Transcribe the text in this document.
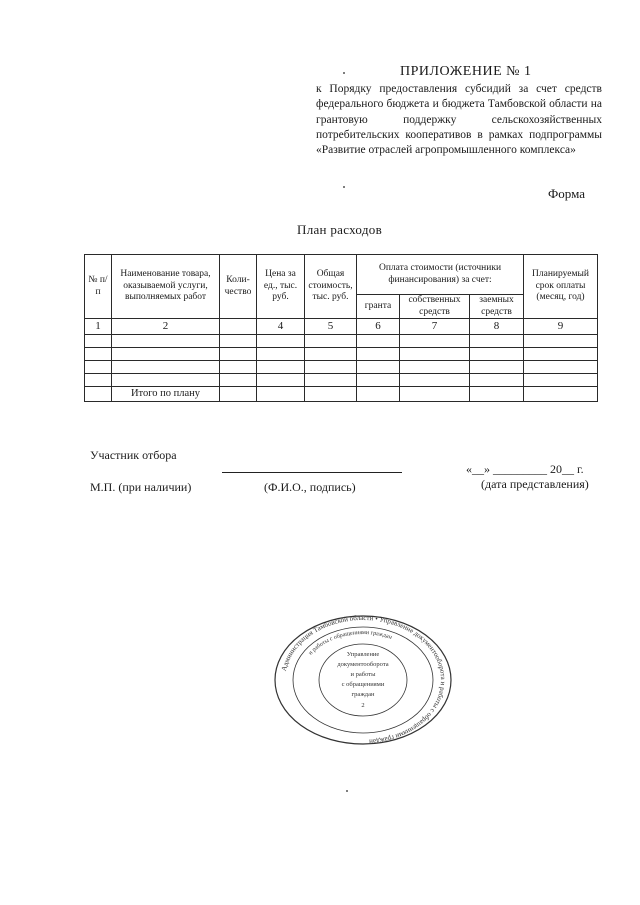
ПРИЛОЖЕНИЕ № 1
к Порядку предоставления субсидий за счет средств федерального бюджета и бюджета Тамбовской области на грантовую поддержку сельскохозяйственных потребительских кооперативов в рамках подпрограммы «Развитие отраслей агропромышленного комплекса»
Форма
План расходов
№ п/п	Наименование товара, оказываемой услуги, выполняемых работ	Коли-чество	Цена за ед., тыс. руб.	Общая стоимость, тыс. руб.	Оплата стоимости (источники финансирования) за счет:			Планируемый срок оплаты (месяц, год)
					гранта	собственных средств	заемных средств	
1	2		4	5	6	7	8	9

	Итого по плану							
Участник отбора
М.П. (при наличии)	(Ф.И.О., подпись)
«__» _________ 20__ г.
(дата представления)
Администрация Тамбовской области • Управление документооборота и работы с обращениями граждан
и работы с обращениями граждан
Управление
документооборота
и работы
с обращениями
граждан
2
